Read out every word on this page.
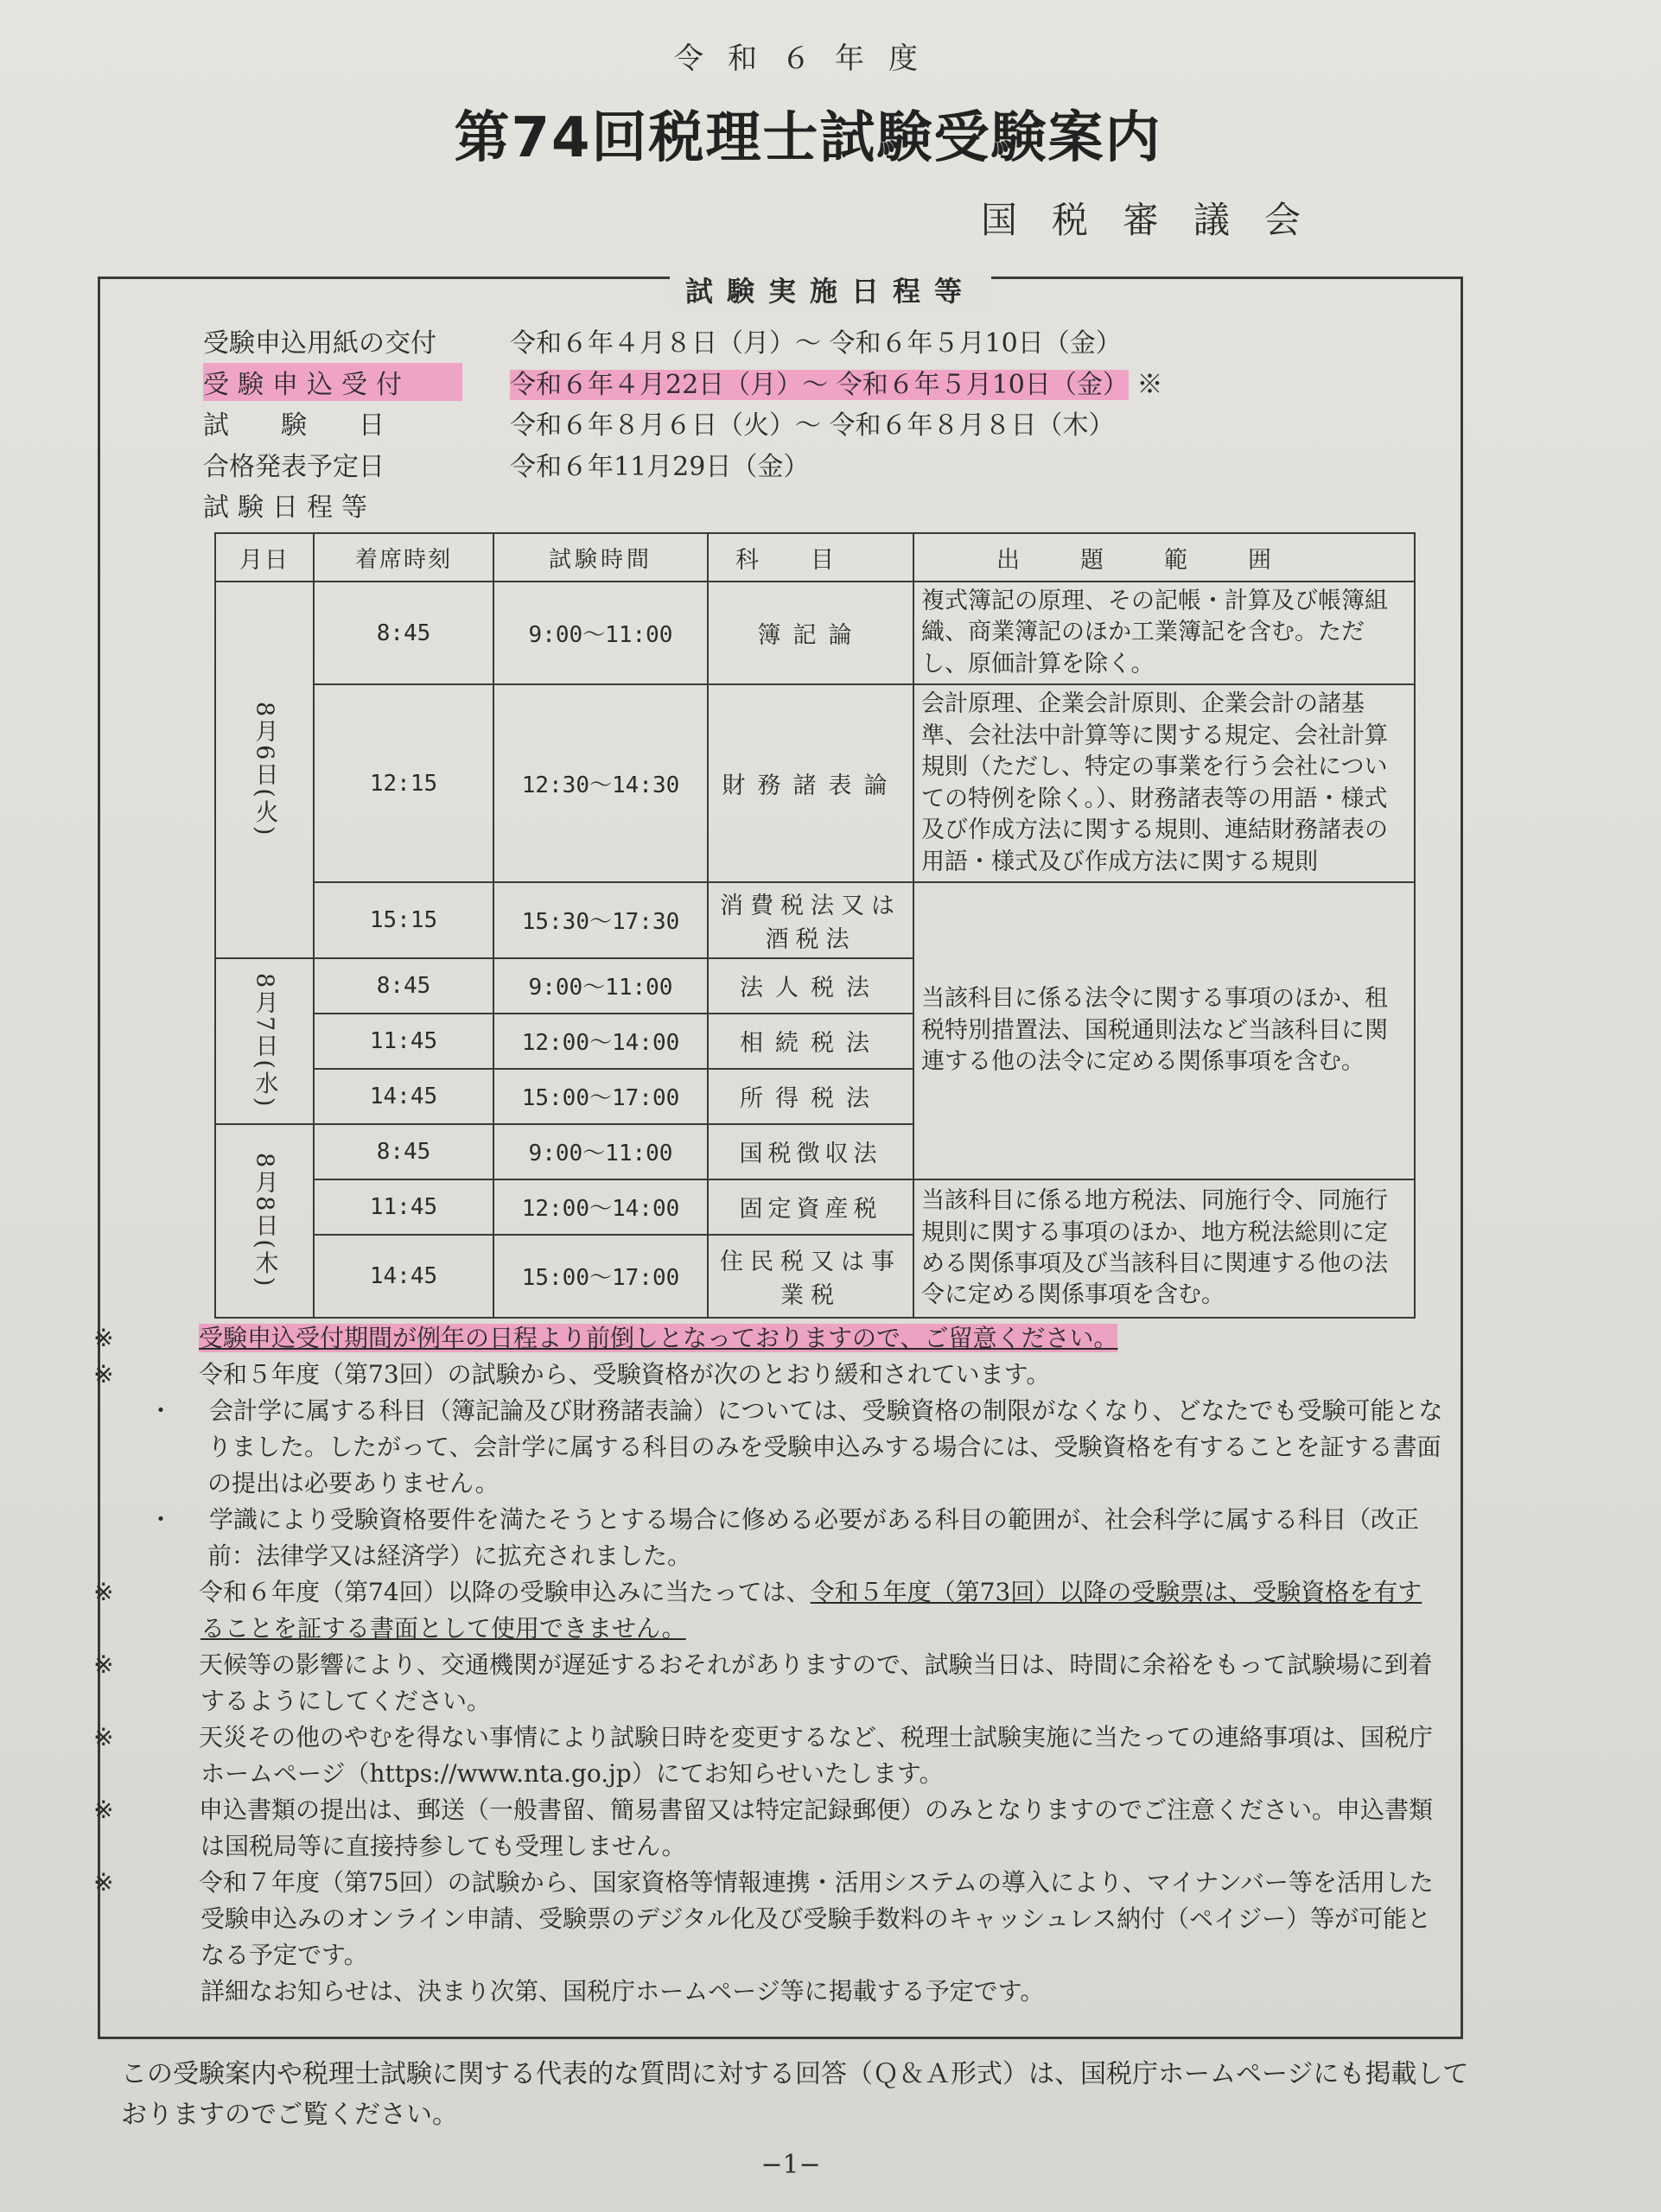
令和６年度
第74回税理士試験受験案内
国税審議会
試験実施日程等
受験申込用紙の交付	令和６年４月８日（月）〜 令和６年５月10日（金）
受験申込受付	令和６年４月22日（月）〜 令和６年５月10日（金） ※
試　　験　　日	令和６年８月６日（火）〜 令和６年８月８日（木）
合格発表予定日	令和６年11月29日（金）
試験日程等
月日	着席時刻	試験時間	科目	出題範囲

8月6日(火)	8:45	9:00〜11:00	簿記論	複式簿記の原理、その記帳・計算及び帳簿組織、商業簿記のほか工業簿記を含む。ただし、原価計算を除く。
	12:15	12:30〜14:30	財務諸表論	会計原理、企業会計原則、企業会計の諸基準、会社法中計算等に関する規定、会社計算規則（ただし、特定の事業を行う会社についての特例を除く。）、財務諸表等の用語・様式及び作成方法に関する規則、連結財務諸表の用語・様式及び作成方法に関する規則
	15:15	15:30〜17:30	消費税法又は酒税法	当該科目に係る法令に関する事項のほか、租税特別措置法、国税通則法など当該科目に関連する他の法令に定める関係事項を含む。

8月7日(水)	8:45	9:00〜11:00	法人税法	
	11:45	12:00〜14:00	相続税法	
	14:45	15:00〜17:00	所得税法	

8月8日(木)	8:45	9:00〜11:00	国税徴収法	
	11:45	12:00〜14:00	固定資産税	当該科目に係る地方税法、同施行令、同施行規則に関する事項のほか、地方税法総則に定める関係事項及び当該科目に関連する他の法令に定める関係事項を含む。
	14:45	15:00〜17:00	住民税又は事業税	

※	受験申込受付期間が例年の日程より前倒しとなっておりますので、ご留意ください。

※	令和５年度（第73回）の試験から、受験資格が次のとおり緩和されています。

・ 会計学に属する科目（簿記論及び財務諸表論）については、受験資格の制限がなくなり、どなたでも受験可能となりました。したがって、会計学に属する科目のみを受験申込みする場合には、受験資格を有することを証する書面の提出は必要ありません。

・ 学識により受験資格要件を満たそうとする場合に修める必要がある科目の範囲が、社会科学に属する科目（改正前：法律学又は経済学）に拡充されました。

※	令和６年度（第74回）以降の受験申込みに当たっては、令和５年度（第73回）以降の受験票は、受験資格を有することを証する書面として使用できません。

※	天候等の影響により、交通機関が遅延するおそれがありますので、試験当日は、時間に余裕をもって試験場に到着するようにしてください。

※	天災その他のやむを得ない事情により試験日時を変更するなど、税理士試験実施に当たっての連絡事項は、国税庁ホームページ（https://www.nta.go.jp）にてお知らせいたします。

※	申込書類の提出は、郵送（一般書留、簡易書留又は特定記録郵便）のみとなりますのでご注意ください。申込書類は国税局等に直接持参しても受理しません。

※	令和７年度（第75回）の試験から、国家資格等情報連携・活用システムの導入により、マイナンバー等を活用した受験申込みのオンライン申請、受験票のデジタル化及び受験手数料のキャッシュレス納付（ペイジー）等が可能となる予定です。

詳細なお知らせは、決まり次第、国税庁ホームページ等に掲載する予定です。

この受験案内や税理士試験に関する代表的な質問に対する回答（Ｑ＆Ａ形式）は、国税庁ホームページにも掲載しておりますのでご覧ください。
−1−
